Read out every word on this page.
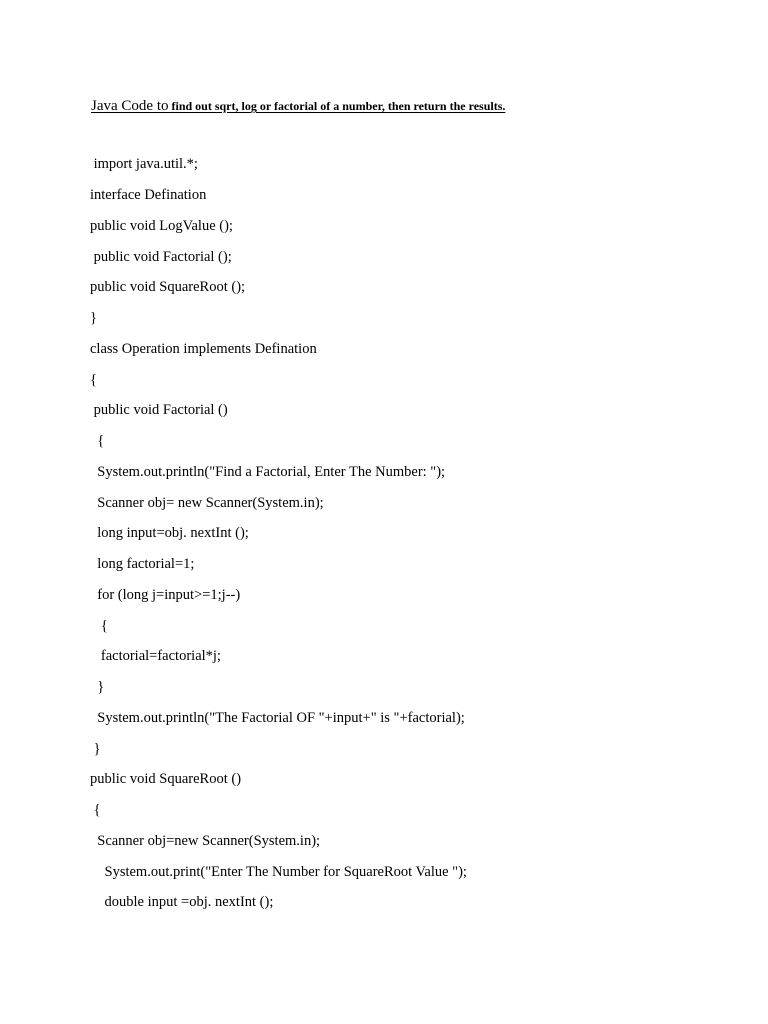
Java Code to find out sqrt, log or factorial of a number, then return the results.
import java.util.*;
interface Defination
public void LogValue ();
public void Factorial ();
public void SquareRoot ();
}
class Operation implements Defination
{
public void Factorial ()
{
System.out.println("Find a Factorial, Enter The Number: ");
Scanner obj= new Scanner(System.in);
long input=obj. nextInt ();
long factorial=1;
for (long j=input>=1;j--)
{
factorial=factorial*j;
}
System.out.println("The Factorial OF "+input+" is "+factorial);
}
public void SquareRoot ()
{
Scanner obj=new Scanner(System.in);
System.out.print("Enter The Number for SquareRoot Value ");
double input =obj. nextInt ();
